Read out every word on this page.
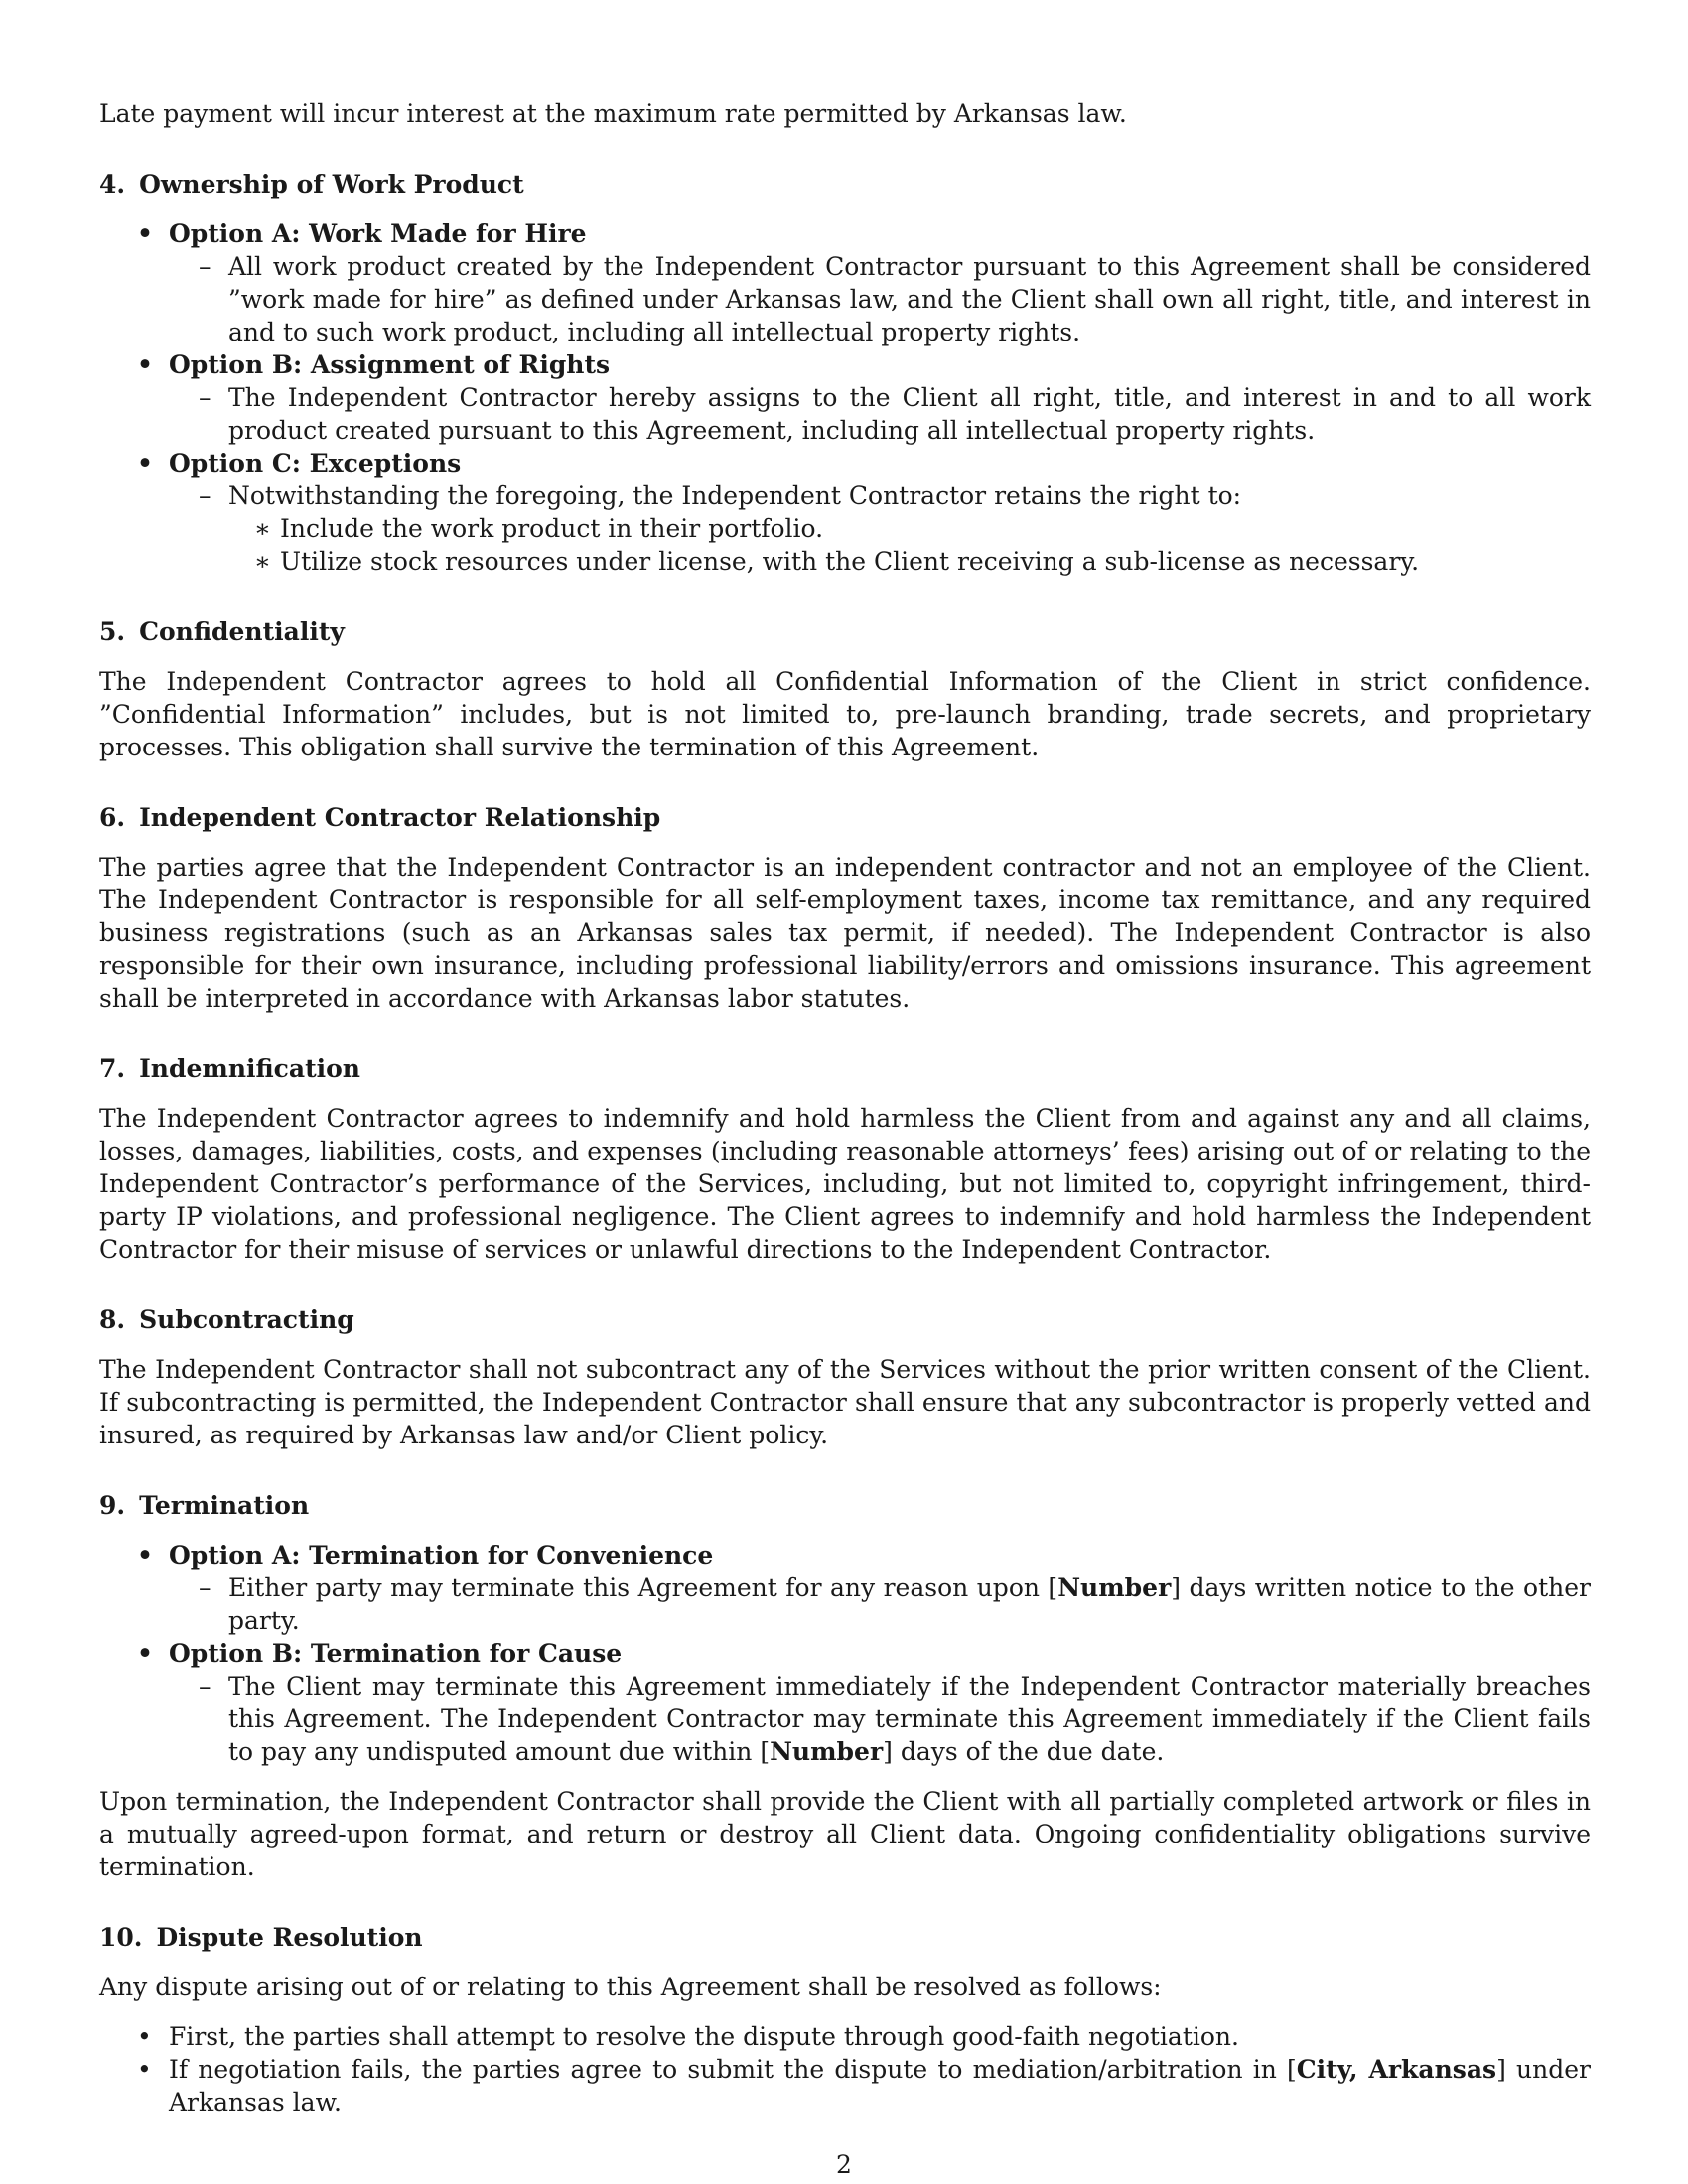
Late payment will incur interest at the maximum rate permitted by Arkansas law.

4. Ownership of Work Product
• Option A: Work Made for Hire
– All work product created by the Independent Contractor pursuant to this Agreement shall be considered ”work made for hire” as defined under Arkansas law, and the Client shall own all right, title, and interest in and to such work product, including all intellectual property rights.
• Option B: Assignment of Rights
– The Independent Contractor hereby assigns to the Client all right, title, and interest in and to all work product created pursuant to this Agreement, including all intellectual property rights.
• Option C: Exceptions
– Notwithstanding the foregoing, the Independent Contractor retains the right to:
∗ Include the work product in their portfolio.
∗ Utilize stock resources under license, with the Client receiving a sub-license as necessary.
5. Confidentiality

The Independent Contractor agrees to hold all Confidential Information of the Client in strict confidence. ”Confidential Information” includes, but is not limited to, pre-launch branding, trade secrets, and proprietary processes. This obligation shall survive the termination of this Agreement.

6. Independent Contractor Relationship

The parties agree that the Independent Contractor is an independent contractor and not an employee of the Client. The Independent Contractor is responsible for all self-employment taxes, income tax remittance, and any required business registrations (such as an Arkansas sales tax permit, if needed). The Independent Contractor is also responsible for their own insurance, including professional liability/errors and omissions insurance. This agreement shall be interpreted in accordance with Arkansas labor statutes.

7. Indemnification

The Independent Contractor agrees to indemnify and hold harmless the Client from and against any and all claims, losses, damages, liabilities, costs, and expenses (including reasonable attorneys’ fees) arising out of or relating to the Independent Contractor’s performance of the Services, including, but not limited to, copyright infringement, third-party IP violations, and professional negligence. The Client agrees to indemnify and hold harmless the Independent Contractor for their misuse of services or unlawful directions to the Independent Contractor.

8. Subcontracting

The Independent Contractor shall not subcontract any of the Services without the prior written consent of the Client. If subcontracting is permitted, the Independent Contractor shall ensure that any subcontractor is properly vetted and insured, as required by Arkansas law and/or Client policy.

9. Termination
• Option A: Termination for Convenience
– Either party may terminate this Agreement for any reason upon [Number] days written notice to the other party.
• Option B: Termination for Cause
– The Client may terminate this Agreement immediately if the Independent Contractor materially breaches this Agreement. The Independent Contractor may terminate this Agreement immediately if the Client fails to pay any undisputed amount due within [Number] days of the due date.

Upon termination, the Independent Contractor shall provide the Client with all partially completed artwork or files in a mutually agreed-upon format, and return or destroy all Client data. Ongoing confidentiality obligations survive termination.

10. Dispute Resolution

Any dispute arising out of or relating to this Agreement shall be resolved as follows:

• First, the parties shall attempt to resolve the dispute through good-faith negotiation.
• If negotiation fails, the parties agree to submit the dispute to mediation/arbitration in [City, Arkansas] under Arkansas law.
2
